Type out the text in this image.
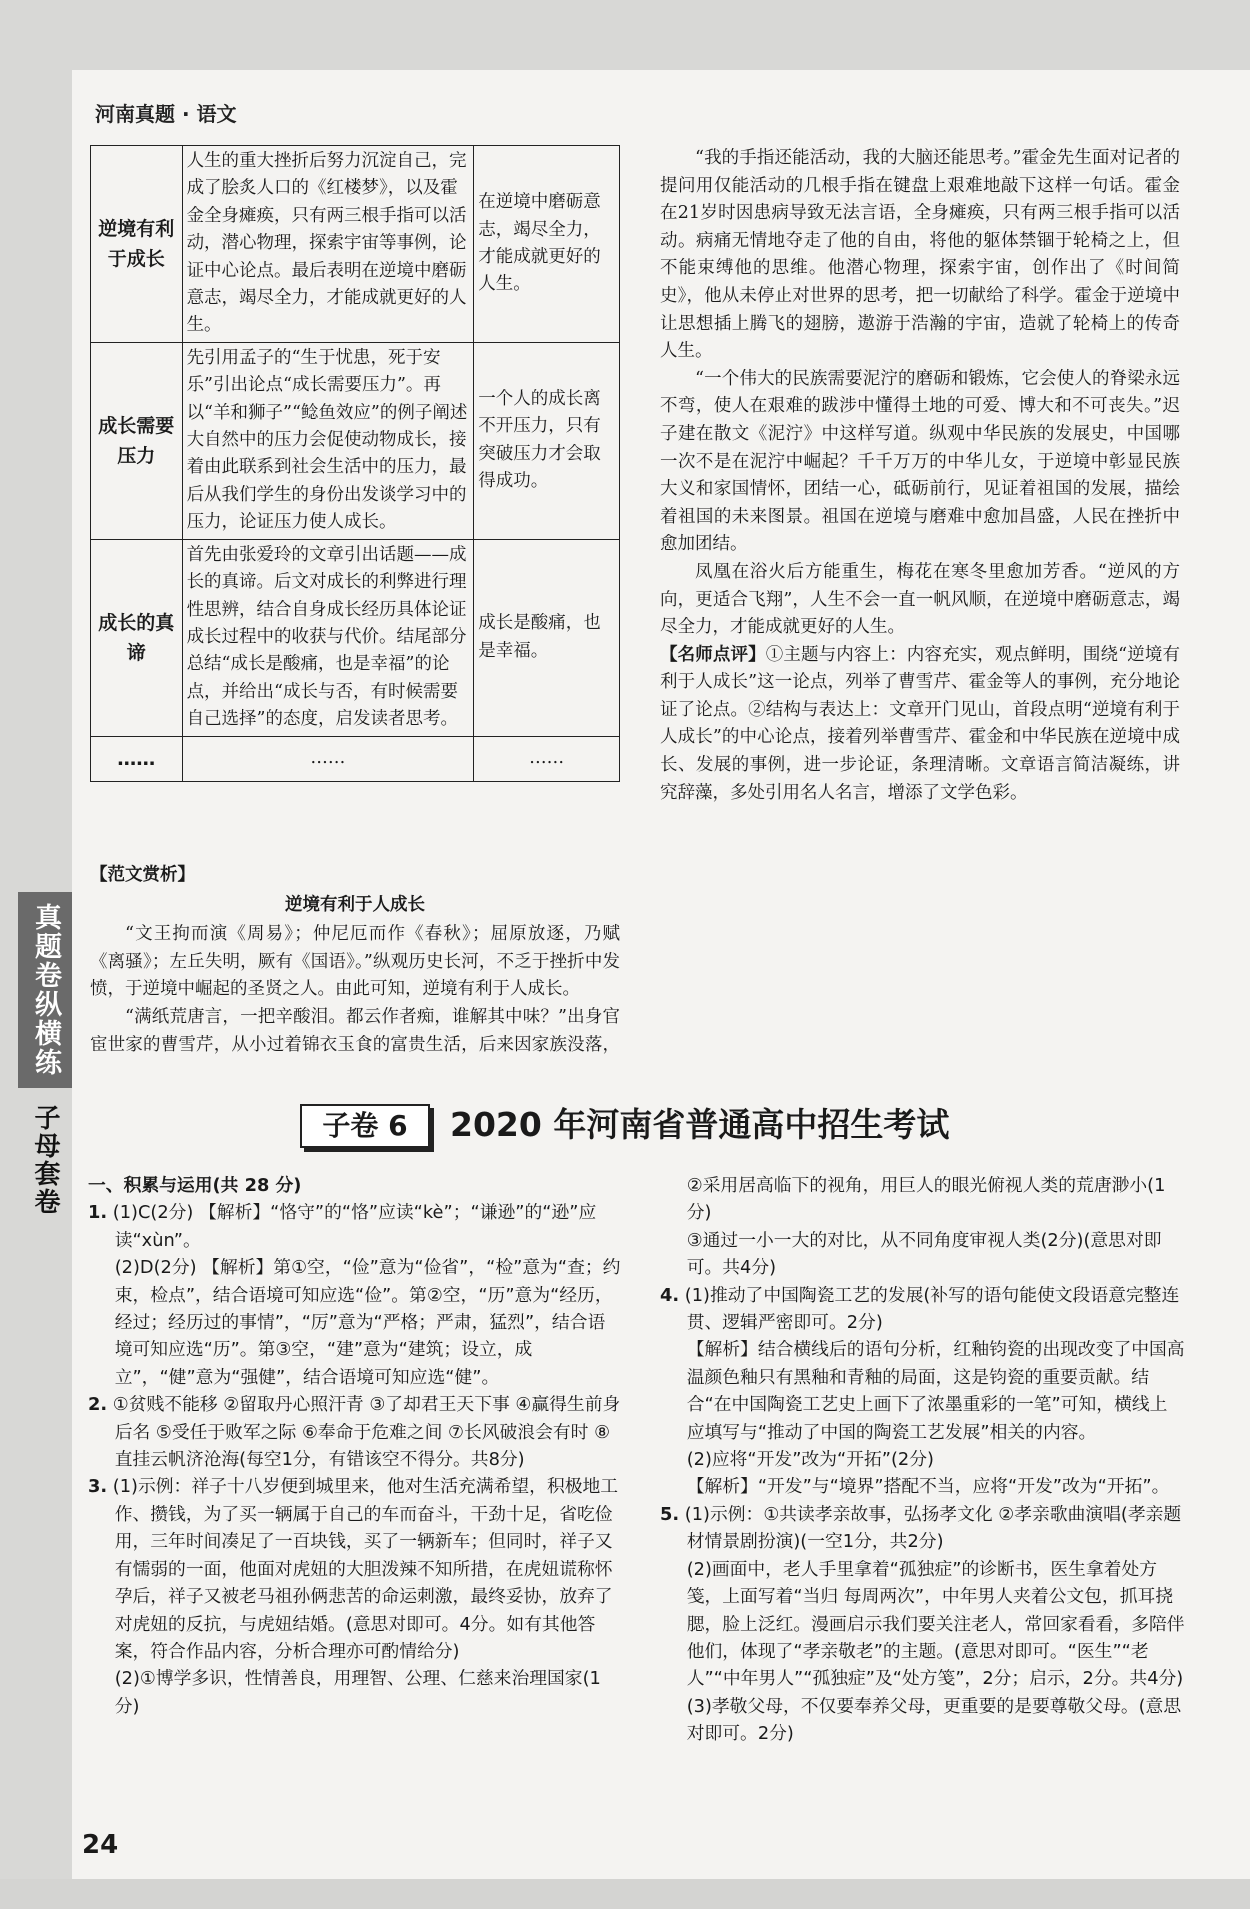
河南真题 · 语文
真题卷纵横练
子母套卷
逆境有利于成长	人生的重大挫折后努力沉淀自己，完成了脍炙人口的《红楼梦》，以及霍金全身瘫痪，只有两三根手指可以活动，潜心物理，探索宇宙等事例，论证中心论点。最后表明在逆境中磨砺意志，竭尽全力，才能成就更好的人生。	在逆境中磨砺意志，竭尽全力，才能成就更好的人生。
成长需要压力	先引用孟子的“生于忧患，死于安乐”引出论点“成长需要压力”。再以“羊和狮子”“鲶鱼效应”的例子阐述大自然中的压力会促使动物成长，接着由此联系到社会生活中的压力，最后从我们学生的身份出发谈学习中的压力，论证压力使人成长。	一个人的成长离不开压力，只有突破压力才会取得成功。
成长的真谛	首先由张爱玲的文章引出话题——成长的真谛。后文对成长的利弊进行理性思辨，结合自身成长经历具体论证成长过程中的收获与代价。结尾部分总结“成长是酸痛，也是幸福”的论点，并给出“成长与否，有时候需要自己选择”的态度，启发读者思考。	成长是酸痛，也是幸福。
……	……	……

【范文赏析】

逆境有利于人成长

“文王拘而演《周易》；仲尼厄而作《春秋》；屈原放逐，乃赋《离骚》；左丘失明，厥有《国语》。”纵观历史长河，不乏于挫折中发愤，于逆境中崛起的圣贤之人。由此可知，逆境有利于人成长。

“满纸荒唐言，一把辛酸泪。都云作者痴，谁解其中味？”出身官宦世家的曹雪芹，从小过着锦衣玉食的富贵生活，后来因家族没落，

“我的手指还能活动，我的大脑还能思考。”霍金先生面对记者的提问用仅能活动的几根手指在键盘上艰难地敲下这样一句话。霍金在21岁时因患病导致无法言语，全身瘫痪，只有两三根手指可以活动。病痛无情地夺走了他的自由，将他的躯体禁锢于轮椅之上，但不能束缚他的思维。他潜心物理，探索宇宙，创作出了《时间简史》，他从未停止对世界的思考，把一切献给了科学。霍金于逆境中让思想插上腾飞的翅膀，遨游于浩瀚的宇宙，造就了轮椅上的传奇人生。

“一个伟大的民族需要泥泞的磨砺和锻炼，它会使人的脊梁永远不弯，使人在艰难的跋涉中懂得土地的可爱、博大和不可丧失。”迟子建在散文《泥泞》中这样写道。纵观中华民族的发展史，中国哪一次不是在泥泞中崛起？千千万万的中华儿女，于逆境中彰显民族大义和家国情怀，团结一心，砥砺前行，见证着祖国的发展，描绘着祖国的未来图景。祖国在逆境与磨难中愈加昌盛，人民在挫折中愈加团结。

凤凰在浴火后方能重生，梅花在寒冬里愈加芳香。“逆风的方向，更适合飞翔”，人生不会一直一帆风顺，在逆境中磨砺意志，竭尽全力，才能成就更好的人生。

【名师点评】①主题与内容上：内容充实，观点鲜明，围绕“逆境有利于人成长”这一论点，列举了曹雪芹、霍金等人的事例，充分地论证了论点。②结构与表达上：文章开门见山，首段点明“逆境有利于人成长”的中心论点，接着列举曹雪芹、霍金和中华民族在逆境中成长、发展的事例，进一步论证，条理清晰。文章语言简洁凝练，讲究辞藻，多处引用名人名言，增添了文学色彩。

子卷 6	2020 年河南省普通高中招生考试

一、积累与运用(共 28 分)

1. (1)C(2分) 【解析】“恪守”的“恪”应读“kè”；“谦逊”的“逊”应读“xùn”。

(2)D(2分) 【解析】第①空，“俭”意为“俭省”，“检”意为“查；约束，检点”，结合语境可知应选“俭”。第②空，“历”意为“经历，经过；经历过的事情”，“厉”意为“严格；严肃，猛烈”，结合语境可知应选“历”。第③空，“建”意为“建筑；设立，成立”，“健”意为“强健”，结合语境可知应选“健”。

2. ①贫贱不能移 ②留取丹心照汗青 ③了却君王天下事 ④赢得生前身后名 ⑤受任于败军之际 ⑥奉命于危难之间 ⑦长风破浪会有时 ⑧直挂云帆济沧海(每空1分，有错该空不得分。共8分)

3. (1)示例：祥子十八岁便到城里来，他对生活充满希望，积极地工作、攒钱，为了买一辆属于自己的车而奋斗，干劲十足，省吃俭用，三年时间凑足了一百块钱，买了一辆新车；但同时，祥子又有懦弱的一面，他面对虎妞的大胆泼辣不知所措，在虎妞谎称怀孕后，祥子又被老马祖孙俩悲苦的命运刺激，最终妥协，放弃了对虎妞的反抗，与虎妞结婚。(意思对即可。4分。如有其他答案，符合作品内容，分析合理亦可酌情给分)

(2)①博学多识，性情善良，用理智、公理、仁慈来治理国家(1分)

②采用居高临下的视角，用巨人的眼光俯视人类的荒唐渺小(1分)

③通过一小一大的对比，从不同角度审视人类(2分)(意思对即可。共4分)

4. (1)推动了中国陶瓷工艺的发展(补写的语句能使文段语意完整连贯、逻辑严密即可。2分)

【解析】结合横线后的语句分析，红釉钧瓷的出现改变了中国高温颜色釉只有黑釉和青釉的局面，这是钧瓷的重要贡献。结合“在中国陶瓷工艺史上画下了浓墨重彩的一笔”可知，横线上应填写与“推动了中国的陶瓷工艺发展”相关的内容。

(2)应将“开发”改为“开拓”(2分)

【解析】“开发”与“境界”搭配不当，应将“开发”改为“开拓”。

5. (1)示例：①共读孝亲故事，弘扬孝文化 ②孝亲歌曲演唱(孝亲题材情景剧扮演)(一空1分，共2分)

(2)画面中，老人手里拿着“孤独症”的诊断书，医生拿着处方笺，上面写着“当归 每周两次”，中年男人夹着公文包，抓耳挠腮，脸上泛红。漫画启示我们要关注老人，常回家看看，多陪伴他们，体现了“孝亲敬老”的主题。(意思对即可。“医生”“老人”“中年男人”“孤独症”及“处方笺”，2分；启示，2分。共4分)

(3)孝敬父母，不仅要奉养父母，更重要的是要尊敬父母。(意思对即可。2分)

24
